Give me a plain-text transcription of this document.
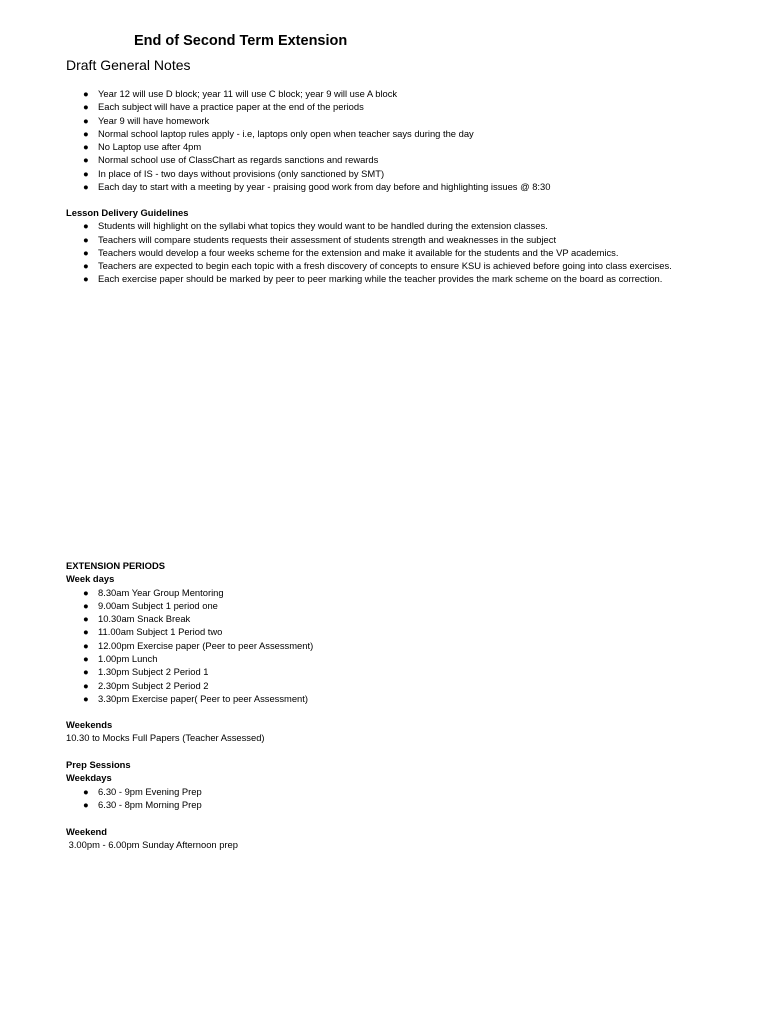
End of Second Term Extension
Draft General Notes
● Year 12 will use D block; year 11 will use C block; year 9 will use A block
● Each subject will have a practice paper at the end of the periods
● Year 9 will have homework
● Normal school laptop rules apply - i.e, laptops only open when teacher says during the day
● No Laptop use after 4pm
● Normal school use of ClassChart as regards sanctions and rewards
● In place of IS - two days without provisions (only sanctioned by SMT)
● Each day to start with a meeting by year - praising good work from day before and highlighting issues @ 8:30

Lesson Delivery Guidelines

● Students will highlight on the syllabi what topics they would want to be handled during the extension classes.
● Teachers will compare students requests their assessment of students strength and weaknesses in the subject
● Teachers would develop a four weeks scheme for the extension and make it available for the students and the VP academics.
● Teachers are expected to begin each topic with a fresh discovery of concepts to ensure KSU is achieved before going into class exercises.
● Each exercise paper should be marked by peer to peer marking while the teacher provides the mark scheme on the board as correction.

EXTENSION PERIODS

Week days

● 8.30am Year Group Mentoring
● 9.00am Subject 1 period one
● 10.30am Snack Break
● 11.00am Subject 1 Period two
● 12.00pm Exercise paper (Peer to peer Assessment)
● 1.00pm Lunch
● 1.30pm Subject 2 Period 1
● 2.30pm Subject 2 Period 2
● 3.30pm Exercise paper( Peer to peer Assessment)

Weekends

10.30 to Mocks Full Papers (Teacher Assessed)

Prep Sessions

Weekdays

● 6.30 - 9pm Evening Prep
● 6.30 - 8pm Morning Prep

Weekend

3.00pm - 6.00pm Sunday Afternoon prep
